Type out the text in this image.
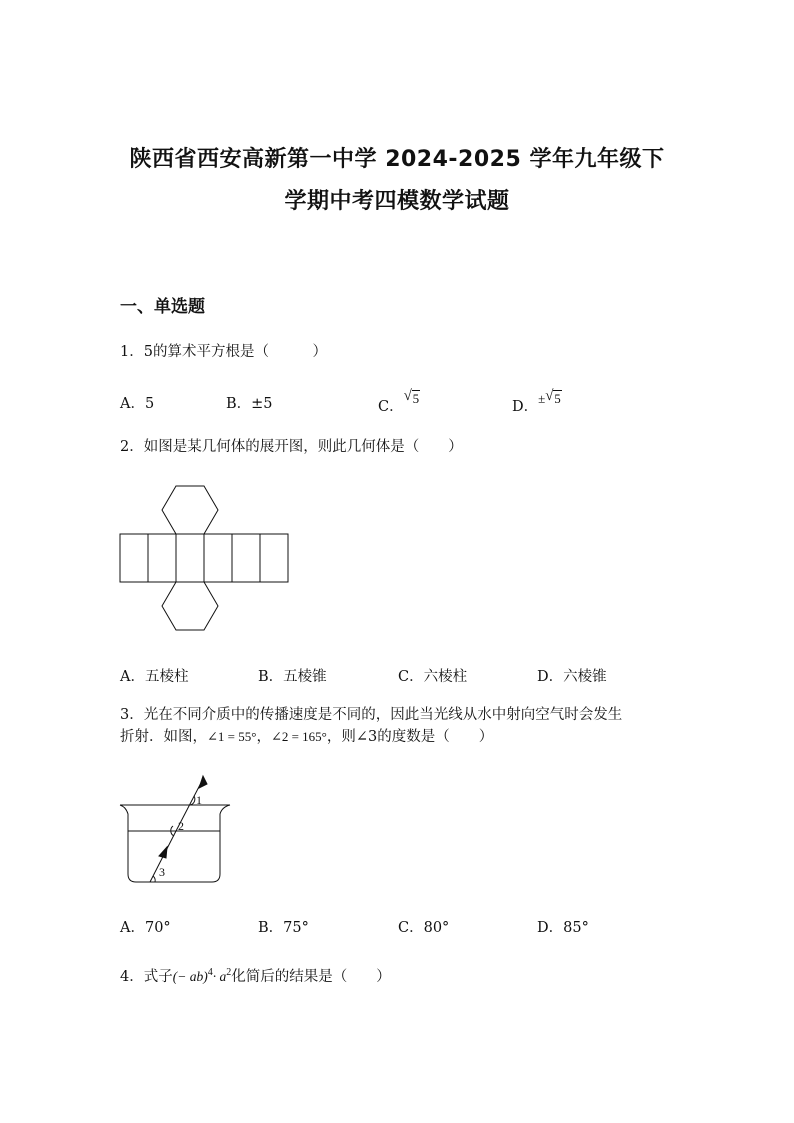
陕西省西安高新第一中学 2024-2025 学年九年级下
学期中考四模数学试题
一、单选题
1．5的算术平方根是（　　　）
A．5	B．±5	C．
√ 5
D．± √ 5
2．如图是某几何体的展开图，则此几何体是（　　）
A．五棱柱	B．五棱锥	C．六棱柱	D．六棱锥
3．光在不同介质中的传播速度是不同的，因此当光线从水中射向空气时会发生
折射．如图，∠1 = 55°，∠2 = 165°，则∠3的度数是（　　）
1
2
3
A．70°	B．75°	C．80°	D．85°
4．式子(− $ab)^4\cdot a^2$化简后的结果是（　　）
